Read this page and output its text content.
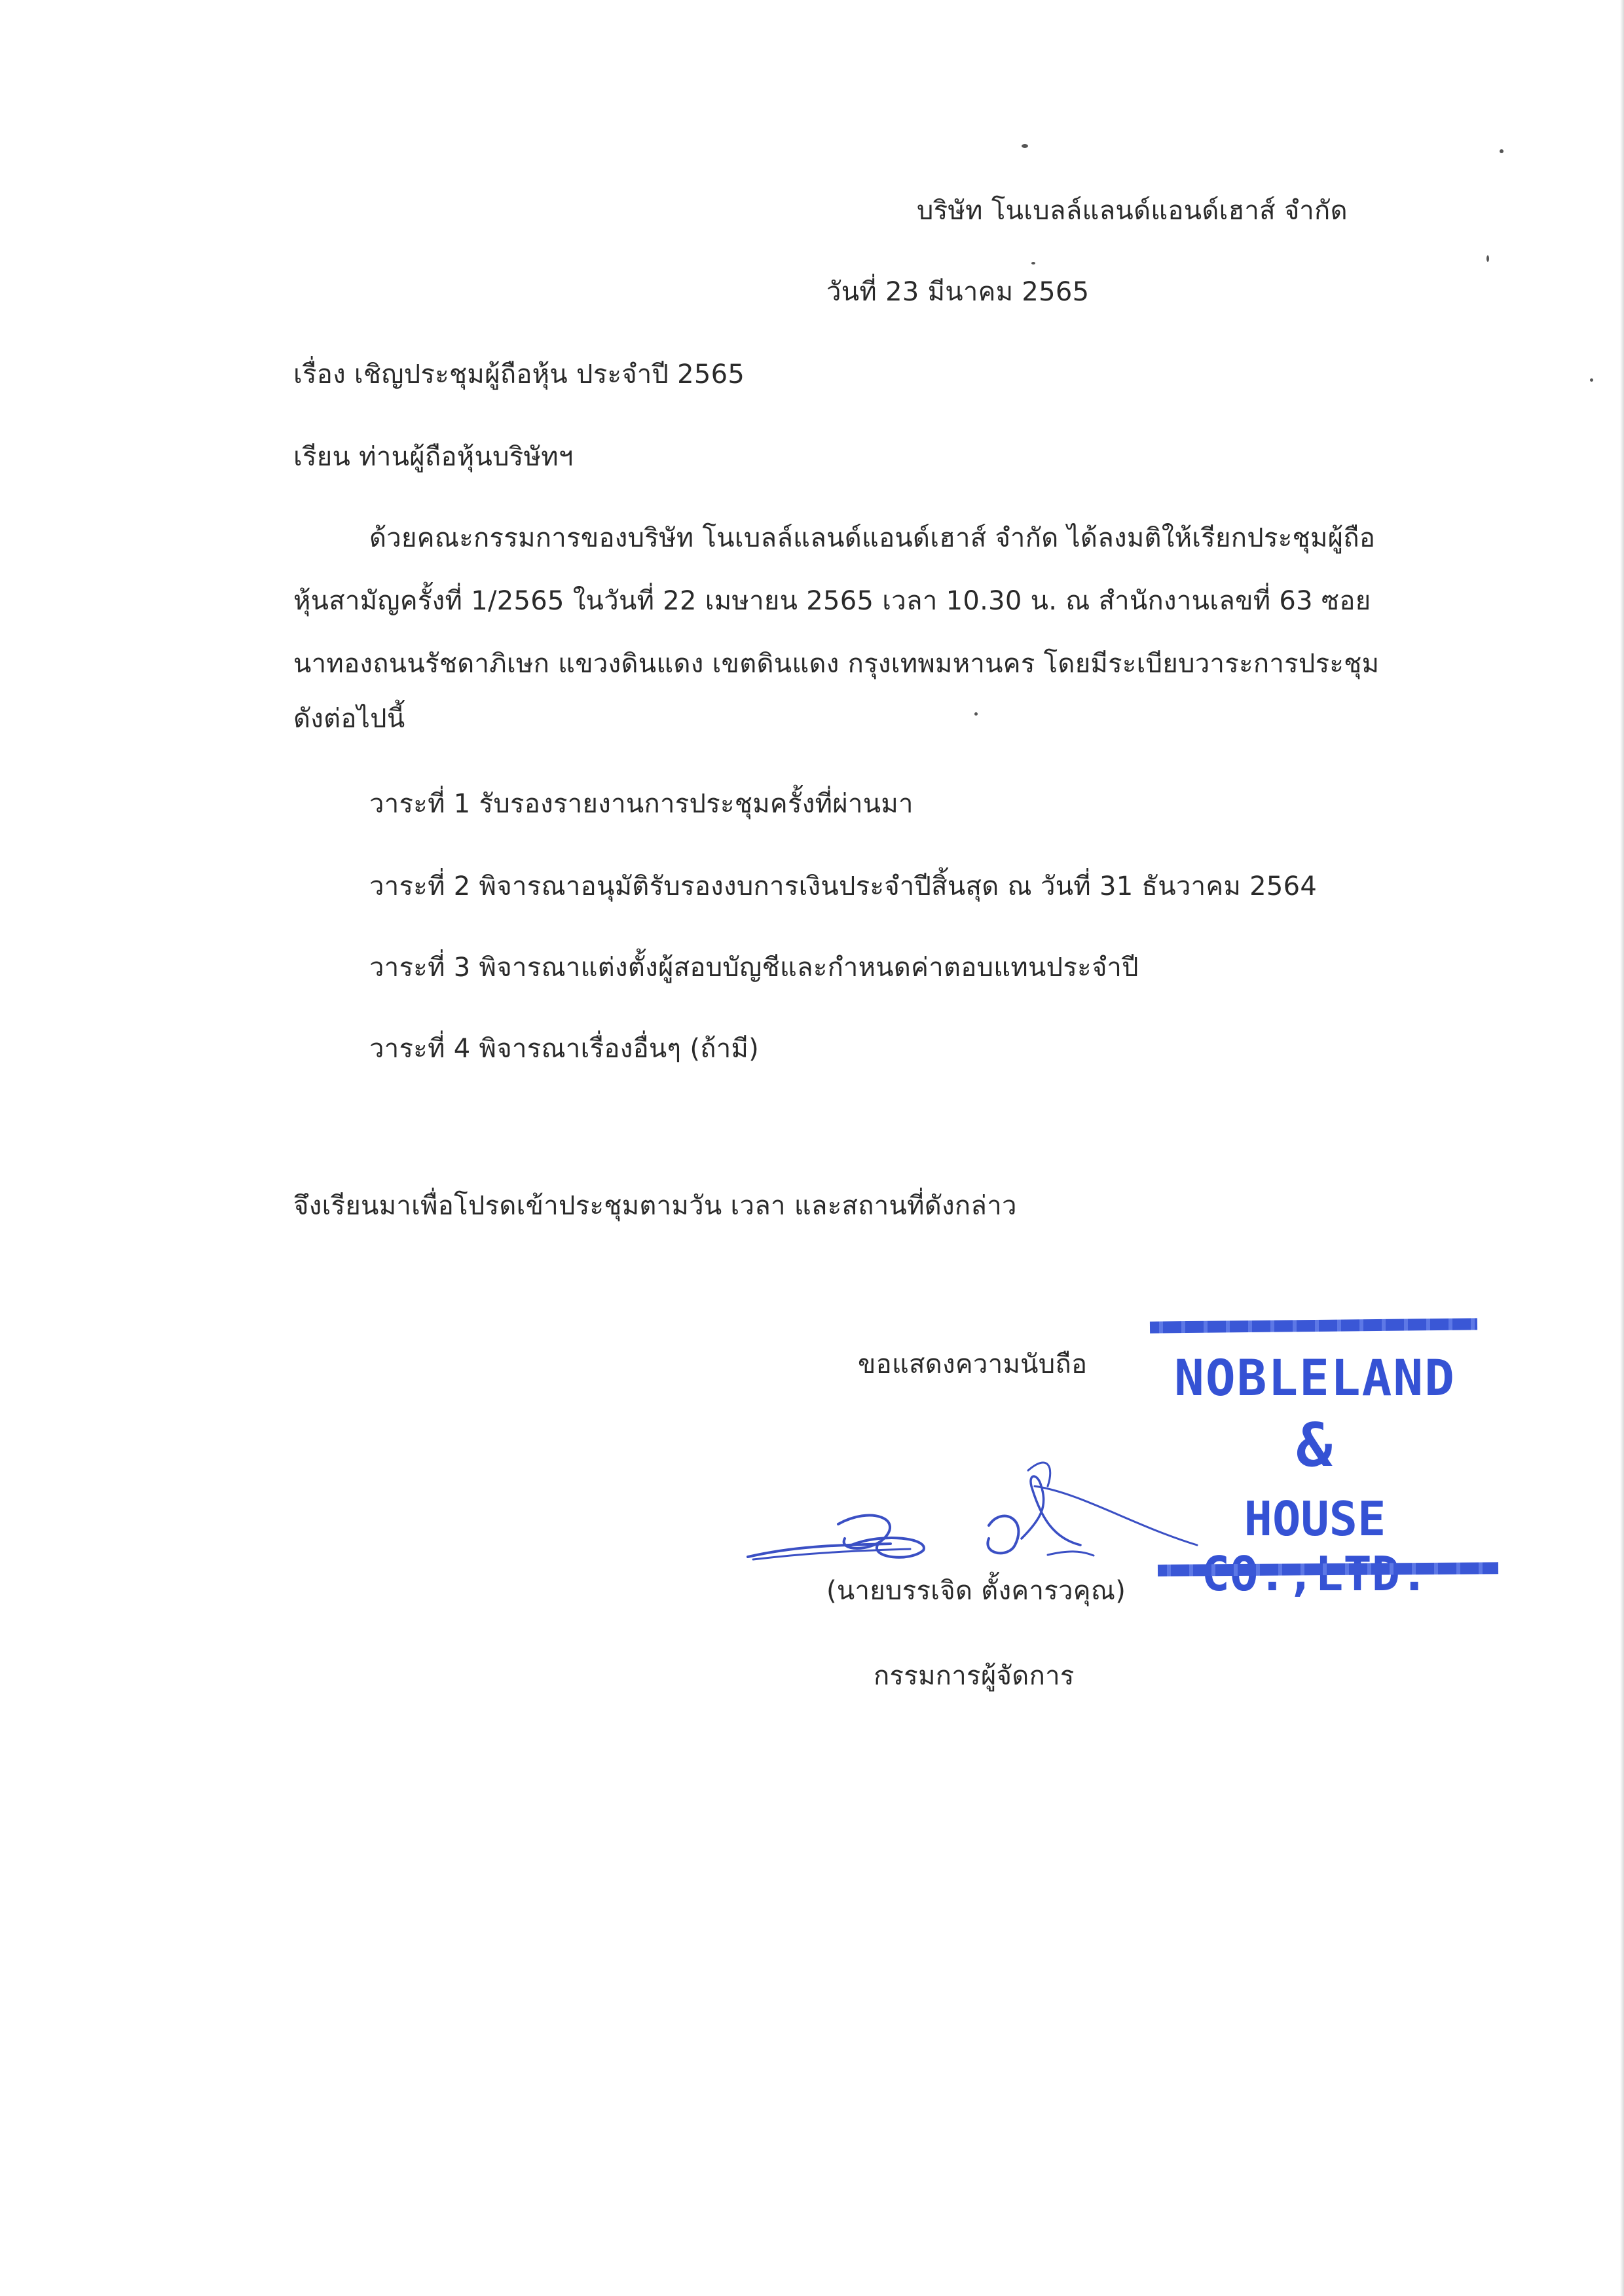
บริษัท โนเบลล์แลนด์แอนด์เฮาส์ จำกัด
วันที่ 23 มีนาคม 2565
เรื่อง เชิญประชุมผู้ถือหุ้น ประจำปี 2565
เรียน ท่านผู้ถือหุ้นบริษัทฯ
ด้วยคณะกรรมการของบริษัท โนเบลล์แลนด์แอนด์เฮาส์ จำกัด ได้ลงมติให้เรียกประชุมผู้ถือ
หุ้นสามัญครั้งที่ 1/2565 ในวันที่ 22 เมษายน 2565 เวลา 10.30 น. ณ สำนักงานเลขที่ 63 ซอย
นาทองถนนรัชดาภิเษก แขวงดินแดง เขตดินแดง กรุงเทพมหานคร โดยมีระเบียบวาระการประชุม
ดังต่อไปนี้
วาระที่ 1 รับรองรายงานการประชุมครั้งที่ผ่านมา
วาระที่ 2 พิจารณาอนุมัติรับรองงบการเงินประจำปีสิ้นสุด ณ วันที่ 31 ธันวาคม 2564
วาระที่ 3 พิจารณาแต่งตั้งผู้สอบบัญชีและกำหนดค่าตอบแทนประจำปี
วาระที่ 4 พิจารณาเรื่องอื่นๆ (ถ้ามี)
จึงเรียนมาเพื่อโปรดเข้าประชุมตามวัน เวลา และสถานที่ดังกล่าว
ขอแสดงความนับถือ	NOBLELAND
&
HOUSE
(นายบรรเจิด ตั้งคารวคุณ)
กรรมการผู้จัดการ
